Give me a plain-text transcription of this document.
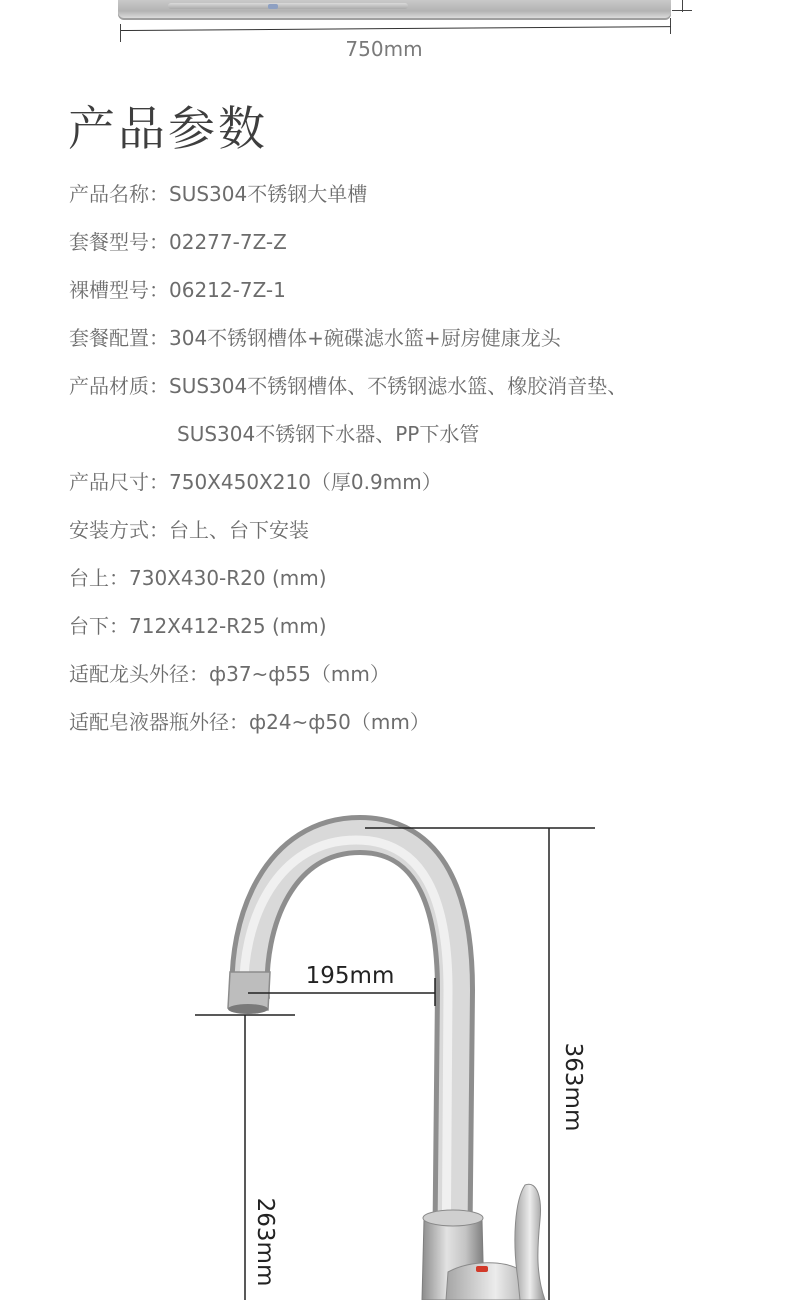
750mm
产品参数
产品名称：SUS304不锈钢大单槽
套餐型号：02277-7Z-Z
裸槽型号：06212-7Z-1
套餐配置：304不锈钢槽体+碗碟滤水篮+厨房健康龙头
产品材质：SUS304不锈钢槽体、不锈钢滤水篮、橡胶消音垫、
SUS304不锈钢下水器、PP下水管
产品尺寸：750X450X210（厚0.9mm）
安装方式：台上、台下安装
台上：730X430-R20 (mm)
台下：712X412-R25 (mm)
适配龙头外径：ф37~ф55（mm）
适配皂液器瓶外径：ф24~ф50（mm）
195mm
363mm
263mm
